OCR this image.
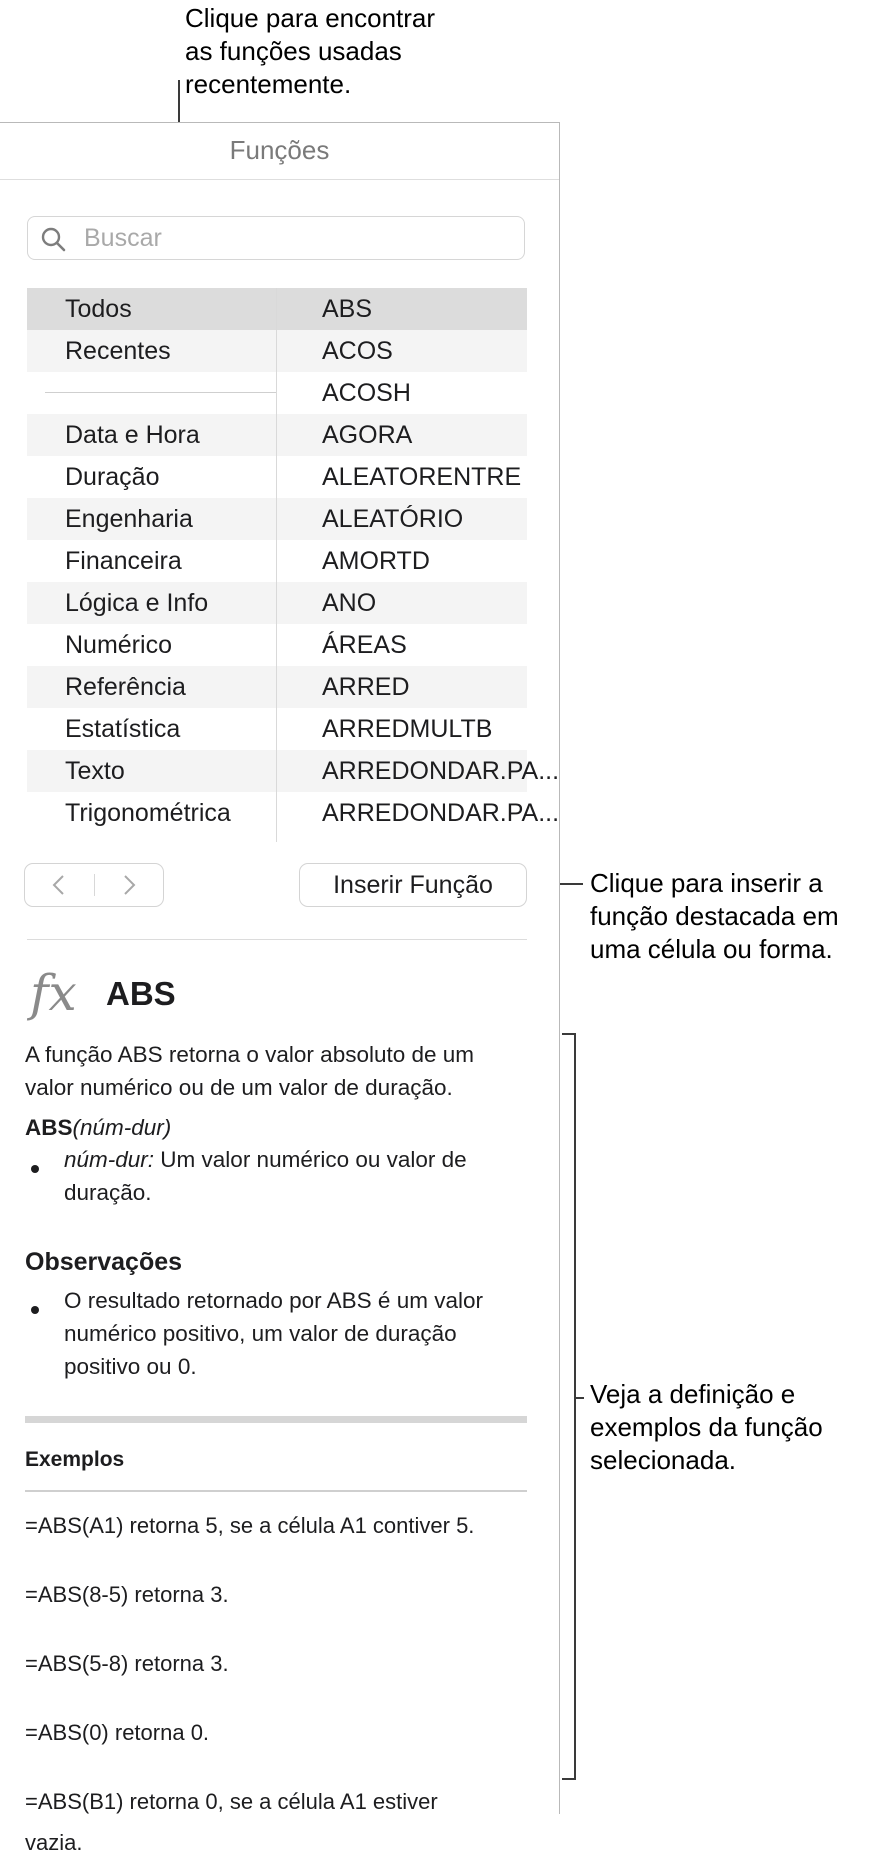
Clique para encontrar
as funções usadas
recentemente.
Clique para inserir a
função destacada em
uma célula ou forma.
Veja a definição e
exemplos da função
selecionada.
Funções
Buscar
Todos
Recentes
Data e Hora
Duração
Engenharia
Financeira
Lógica e Info
Numérico
Referência
Estatística
Texto
Trigonométrica
ABS
ACOS
ACOSH
AGORA
ALEATORENTRE
ALEATÓRIO
AMORTD
ANO
ÁREAS
ARRED
ARREDMULTB
ARREDONDAR.PA...
ARREDONDAR.PA...
Inserir Função
fx ABS
A função ABS retorna o valor absoluto de um valor numérico ou de um valor de duração.
ABS(núm-dur)
núm-dur: Um valor numérico ou valor de duração.
Observações
O resultado retornado por ABS é um valor numérico positivo, um valor de duração positivo ou 0.
Exemplos
=ABS(A1) retorna 5, se a célula A1 contiver 5.
=ABS(8-5) retorna 3.
=ABS(5-8) retorna 3.
=ABS(0) retorna 0.
=ABS(B1) retorna 0, se a célula A1 estiver
vazia.
